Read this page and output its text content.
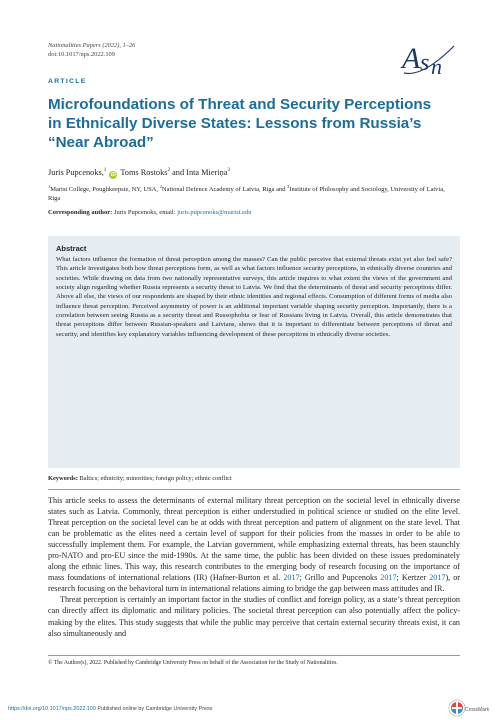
Nationalities Papers (2022), 1–26
doi:10.1017/nps.2022.109	A s n
ARTICLE
Microfoundations of Threat and Security Perceptions in Ethnically Diverse States: Lessons from Russia’s “Near Abroad”
Juris Pupcenoks,$^1$iD Toms Rostoks$^2$ and Inta Mieriņa$^3$
$^1$Marist College, Poughkeepsie, NY, USA, $^2$National Defence Academy of Latvia, Riga and $^3$Institute of Philosophy and Sociology, University of Latvia, Riga
Corresponding author: Juris Pupcenoks, email: juris.pupcenoks@marist.edu
Abstract

What factors influence the formation of threat perception among the masses? Can the public perceive that external threats exist yet also feel safe? This article investigates both how threat perceptions form, as well as what factors influence security perceptions, in ethnically diverse countries and societies. While drawing on data from two nationally representative surveys, this article inquires to what extent the views of the government and society align regarding whether Russia represents a security threat to Latvia. We find that the determinants of threat and security perceptions differ. Above all else, the views of our respondents are shaped by their ethnic identities and regional effects. Consumption of different forms of media also influence threat perception. Perceived asymmetry of power is an additional important variable shaping security perception. Importantly, there is a correlation between seeing Russia as a security threat and Russophobia or fear of Russians living in Latvia. Overall, this article demonstrates that threat perceptions differ between Russian-speakers and Latvians, shows that it is important to differentiate between perceptions of threat and security, and identifies key explanatory variables influencing development of these perceptions in ethnically diverse societies.

Keywords: Baltics; ethnicity; minorities; foreign policy; ethnic conflict

This article seeks to assess the determinants of external military threat perception on the societal level in ethnically diverse states such as Latvia. Commonly, threat perception is either understudied in political science or studied on the elite level. Threat perception on the societal level can be at odds with threat perception and pattern of alignment on the state level. That can be problematic as the elites need a certain level of support for their policies from the masses in order to be able to successfully implement them. For example, the Latvian government, while emphasizing external threats, has been staunchly pro-NATO and pro-EU since the mid-1990s. At the same time, the public has been divided on these issues predominately along the ethnic lines. This way, this research contributes to the emerging body of research focusing on the importance of mass foundations of international relations (IR) (Hafner-Burton et al. 2017; Grillo and Pupcenoks 2017; Kertzer 2017), or research focusing on the behavioral turn in international relations aiming to bridge the gap between mass attitudes and IR.

Threat perception is certainly an important factor in the studies of conflict and foreign policy, as a state’s threat perception can directly affect its diplomatic and military policies. The societal threat perception can also potentially affect the policy-making by the elites. This study suggests that while the public may perceive that certain external security threats exist, it can also simultaneously and

© The Author(s), 2022. Published by Cambridge University Press on behalf of the Association for the Study of Nationalities.
https://doi.org/10.1017/nps.2022.109 Published online by Cambridge University Press	CrossMark
